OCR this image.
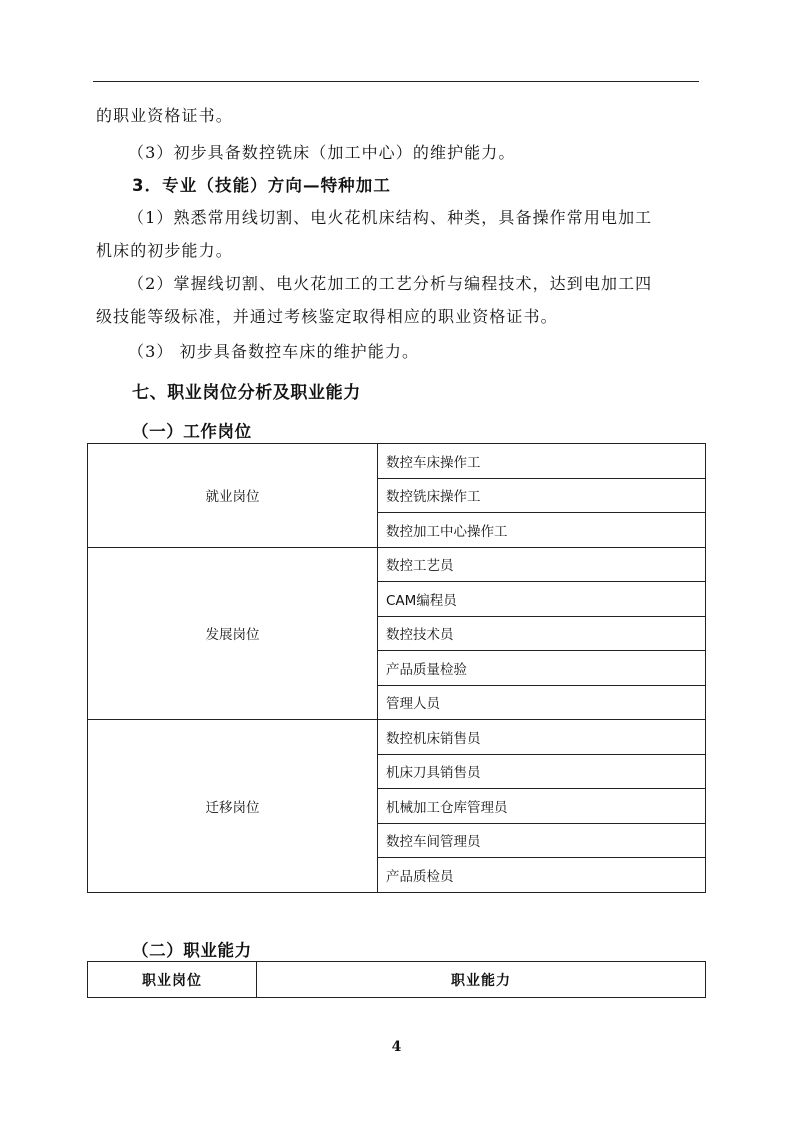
的职业资格证书。
（3）初步具备数控铣床（加工中心）的维护能力。
3．专业（技能）方向—特种加工
（1）熟悉常用线切割、电火花机床结构、种类，具备操作常用电加工
机床的初步能力。
（2）掌握线切割、电火花加工的工艺分析与编程技术，达到电加工四
级技能等级标准，并通过考核鉴定取得相应的职业资格证书。
（3） 初步具备数控车床的维护能力。
七、职业岗位分析及职业能力
（一）工作岗位
就业岗位	数控车床操作工
	数控铣床操作工
	数控加工中心操作工
发展岗位	数控工艺员
	CAM编程员
	数控技术员
	产品质量检验
	管理人员
迁移岗位	数控机床销售员
	机床刀具销售员
	机械加工仓库管理员
	数控车间管理员
	产品质检员
（二）职业能力
职业岗位	职业能力
4
